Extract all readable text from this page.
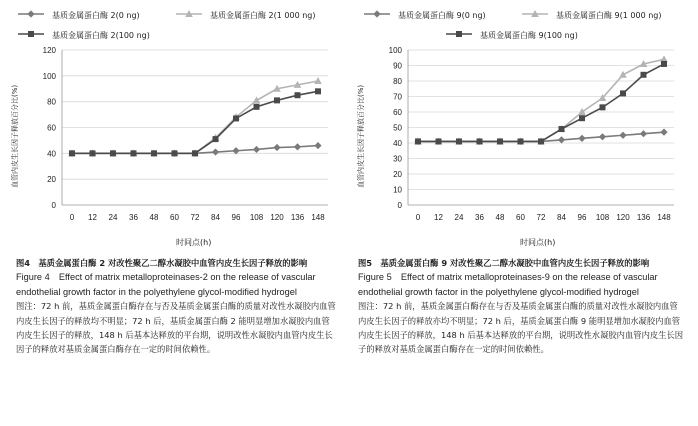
0
20
40
60
80
100
120
0 12 24 36 48 60 72 84 96 108 120 136 148
基质金属蛋白酶 2(0 ng)	基质金属蛋白酶 2(1 000 ng)
基质金属蛋白酶 2(100 ng)
血管内皮生长因子释放百分比(%)
时间点(h)
0
10
20
30
40
50
60
70
80
90
100
0 12 24 36 48 60 72 84 96 108 120 136 148
基质金属蛋白酶 9(0 ng)	基质金属蛋白酶 9(1 000 ng)
基质金属蛋白酶 9(100 ng)
血管内皮生长因子释放百分比(%)
时间点(h)
图4　基质金属蛋白酶 2 对改性聚乙二醇水凝胶中血管内皮生长因子释放的影响
Figure 4　Effect of matrix metalloproteinases-2 on the release of vascular endothelial growth factor in the polyethylene glycol-modified hydrogel
图注：72 h 前，基质金属蛋白酶存在与否及基质金属蛋白酶的质量对改性水凝胶内血管内皮生长因子的释放均不明显；72 h 后，基质金属蛋白酶 2 能明显增加水凝胶内血管内皮生长因子的释放，148 h 后基本达释放的平台期，说明改性水凝胶内血管内皮生长因子的释放对基质金属蛋白酶存在一定的时间依赖性。
图5　基质金属蛋白酶 9 对改性聚乙二醇水凝胶中血管内皮生长因子释放的影响
Figure 5　Effect of matrix metalloproteinases-9 on the release of vascular endothelial growth factor in the polyethylene glycol-modified hydrogel
图注：72 h 前，基质金属蛋白酶存在与否及基质金属蛋白酶的质量对改性水凝胶内血管内皮生长因子的释放亦均不明显；72 h 后，基质金属蛋白酶 9 能明显增加水凝胶内血管内皮生长因子的释放，148 h 后基本达释放的平台期，说明改性水凝胶内血管内皮生长因子的释放对基质金属蛋白酶存在一定的时间依赖性。
